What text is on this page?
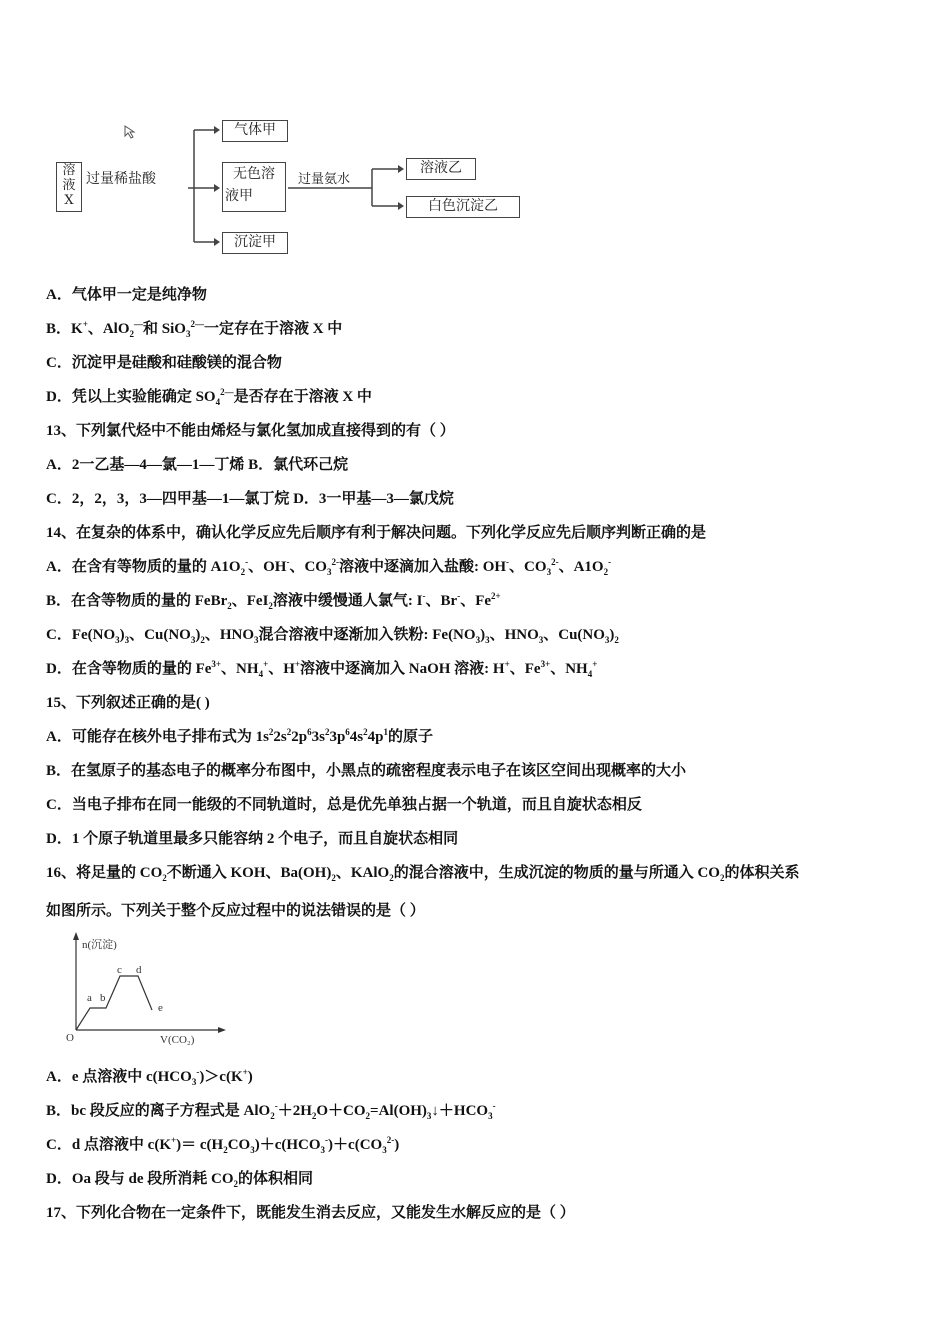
溶
液
X
过量稀盐酸
气体甲
无色溶
液甲
过量氨水
溶液乙
白色沉淀乙
沉淀甲
A．气体甲一定是纯净物
B．K+、AlO$_2$—和 SiO$_3^{2—}$一定存在于溶液 X 中
C．沉淀甲是硅酸和硅酸镁的混合物
D．凭以上实验能确定 $SO_4^{2—}$是否存在于溶液 X 中
13、下列氯代烃中不能由烯烃与氯化氢加成直接得到的有（ ）
A．2一乙基—4—氯—1—丁烯 B．氯代环己烷
C．2，2，3，3—四甲基—1—氯丁烷 D．3一甲基—3—氯戊烷
14、在复杂的体系中，确认化学反应先后顺序有利于解决问题。下列化学反应先后顺序判断正确的是
A．在含有等物质的量的 $A1O_2^-$、OH-、$CO_3^{2-}$溶液中逐滴加入盐酸: OH-、$CO_3^{2-}$、$A1O_2^-$
B．在含等物质的量的 FeBr$_2$、FeI$_2$溶液中缓慢通人氯气: I-、Br-、$Fe^{2+}$
C．$Fe(NO_3)_3$、$Cu(NO_3)_2$、$HNO_3$混合溶液中逐渐加入铁粉: $Fe(NO_3)_3$、$HNO_3$、$Cu(NO_3)_2$
D．在含等物质的量的 $Fe^{3+}$、$NH_4^+$、H+溶液中逐滴加入 NaOH 溶液: H+、$Fe^{3+}$、$NH_4^+$
15、下列叙述正确的是( )
A．可能存在核外电子排布式为 $1s^22s^22p^63s^23p^64s^24p^1$的原子
B．在氢原子的基态电子的概率分布图中，小黑点的疏密程度表示电子在该区空间出现概率的大小
C．当电子排布在同一能级的不同轨道时，总是优先单独占据一个轨道，而且自旋状态相反
D．1 个原子轨道里最多只能容纳 2 个电子，而且自旋状态相同
16、将足量的 $CO_2$不断通入 KOH、$Ba(OH)_2$、KAlO$_2$的混合溶液中，生成沉淀的物质的量与所通入 $CO_2$的体积关系
如图所示。下列关于整个反应过程中的说法错误的是（ ）
n(沉淀)
V(CO₂)
O
a b
c d
e
A．e 点溶液中 $c(HCO_3^-)>c(K^+)$
B．bc 段反应的离子方程式是 $AlO_2^-+2H_2O+CO_2=Al(OH)_3↓+HCO_3^-$
C．d 点溶液中 $c(K^+)= c(H_2CO_3)+c(HCO_3^-)+c(CO_3^{2-})$
D．Oa 段与 de 段所消耗 $CO_2$的体积相同
17、下列化合物在一定条件下，既能发生消去反应，又能发生水解反应的是（ ）
